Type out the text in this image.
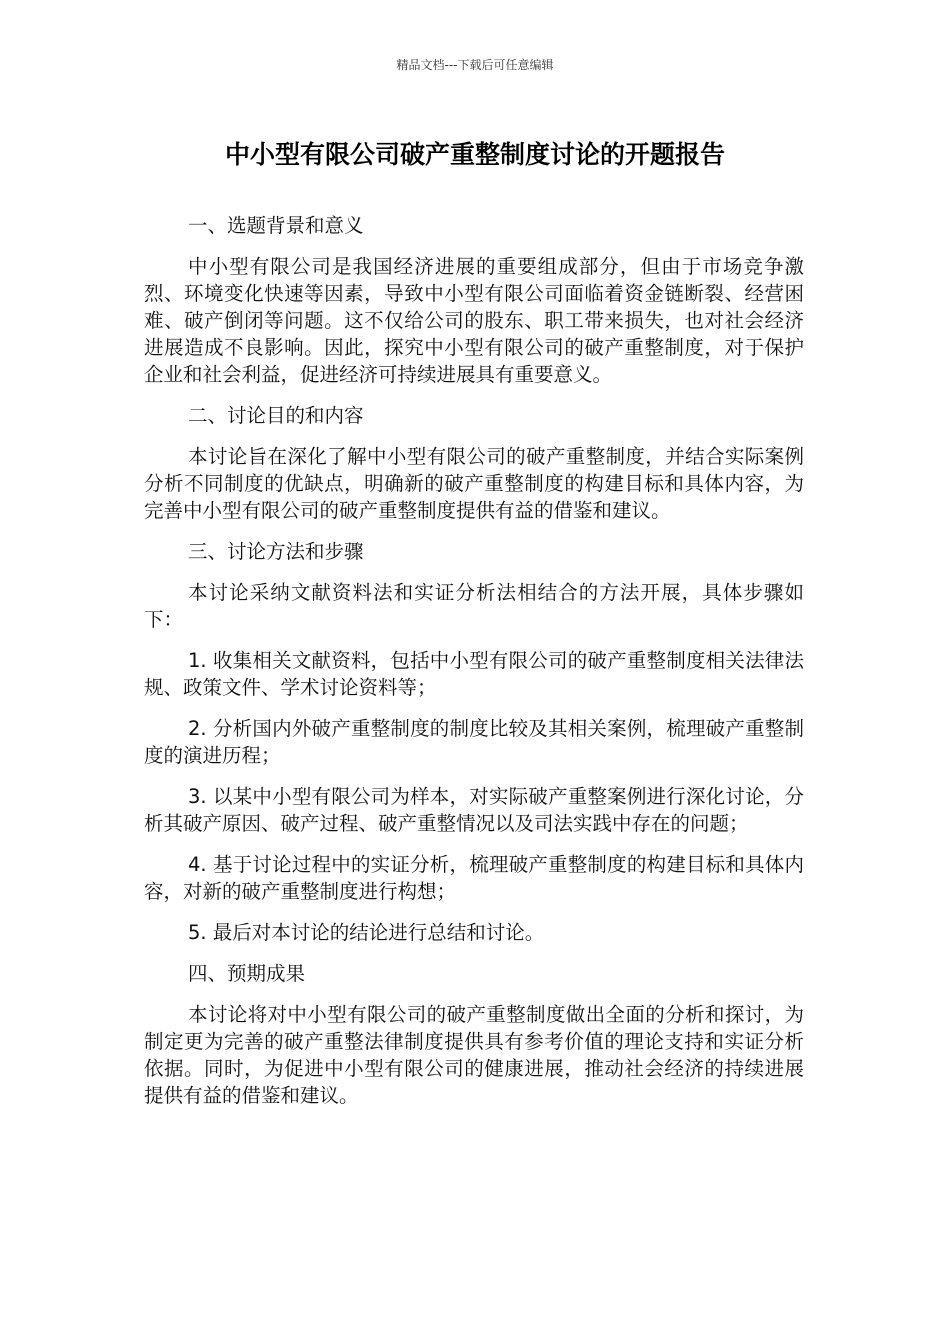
精品文档---下载后可任意编辑
中小型有限公司破产重整制度讨论的开题报告
一、选题背景和意义
中小型有限公司是我国经济进展的重要组成部分，但由于市场竞争激烈、环境变化快速等因素，导致中小型有限公司面临着资金链断裂、经营困难、破产倒闭等问题。这不仅给公司的股东、职工带来损失，也对社会经济进展造成不良影响。因此，探究中小型有限公司的破产重整制度，对于保护企业和社会利益，促进经济可持续进展具有重要意义。
二、讨论目的和内容
本讨论旨在深化了解中小型有限公司的破产重整制度，并结合实际案例分析不同制度的优缺点，明确新的破产重整制度的构建目标和具体内容，为完善中小型有限公司的破产重整制度提供有益的借鉴和建议。
三、讨论方法和步骤
本讨论采纳文献资料法和实证分析法相结合的方法开展，具体步骤如下：
1. 收集相关文献资料，包括中小型有限公司的破产重整制度相关法律法规、政策文件、学术讨论资料等；
2. 分析国内外破产重整制度的制度比较及其相关案例，梳理破产重整制度的演进历程；
3. 以某中小型有限公司为样本，对实际破产重整案例进行深化讨论，分析其破产原因、破产过程、破产重整情况以及司法实践中存在的问题；
4. 基于讨论过程中的实证分析，梳理破产重整制度的构建目标和具体内容，对新的破产重整制度进行构想；
5. 最后对本讨论的结论进行总结和讨论。
四、预期成果
本讨论将对中小型有限公司的破产重整制度做出全面的分析和探讨，为制定更为完善的破产重整法律制度提供具有参考价值的理论支持和实证分析依据。同时，为促进中小型有限公司的健康进展，推动社会经济的持续进展提供有益的借鉴和建议。
